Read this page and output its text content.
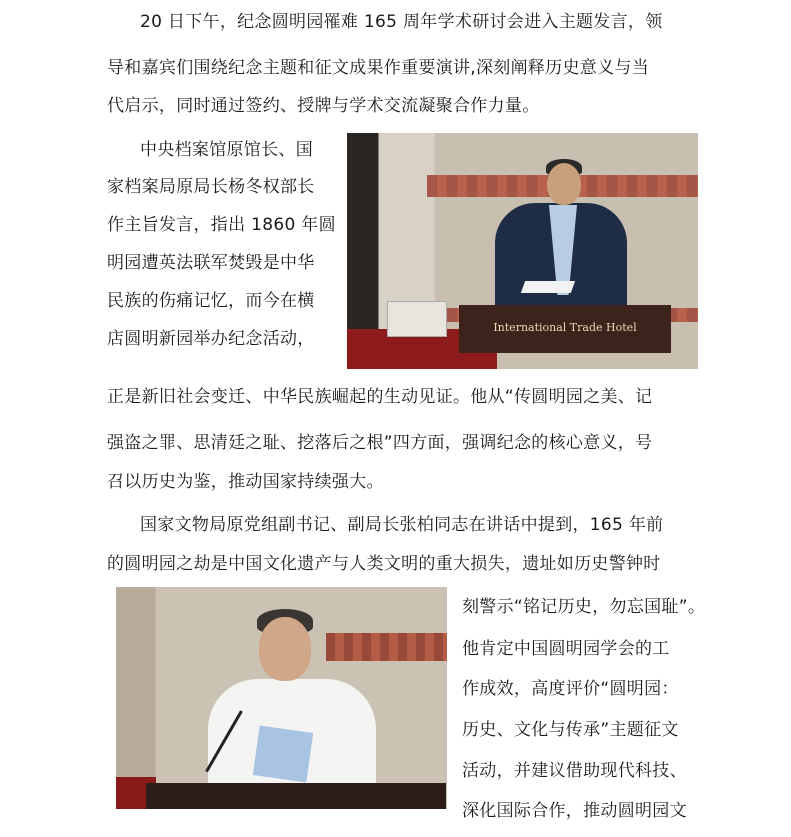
20 日下午，纪念圆明园罹难 165 周年学术研讨会进入主题发言，领
导和嘉宾们围绕纪念主题和征文成果作重要演讲,深刻阐释历史意义与当
代启示，同时通过签约、授牌与学术交流凝聚合作力量。
中央档案馆原馆长、国
家档案局原局长杨冬权部长
作主旨发言，指出 1860 年圆
明园遭英法联军焚毁是中华
民族的伤痛记忆，而今在横
店圆明新园举办纪念活动，
International Trade Hotel
正是新旧社会变迁、中华民族崛起的生动见证。他从“传圆明园之美、记
强盗之罪、思清廷之耻、挖落后之根”四方面，强调纪念的核心意义，号
召以历史为鉴，推动国家持续强大。
国家文物局原党组副书记、副局长张柏同志在讲话中提到，165 年前
的圆明园之劫是中国文化遗产与人类文明的重大损失，遗址如历史警钟时
刻警示“铭记历史，勿忘国耻”。
他肯定中国圆明园学会的工
作成效，高度评价“圆明园：
历史、文化与传承”主题征文
活动，并建议借助现代科技、
深化国际合作，推动圆明园文
